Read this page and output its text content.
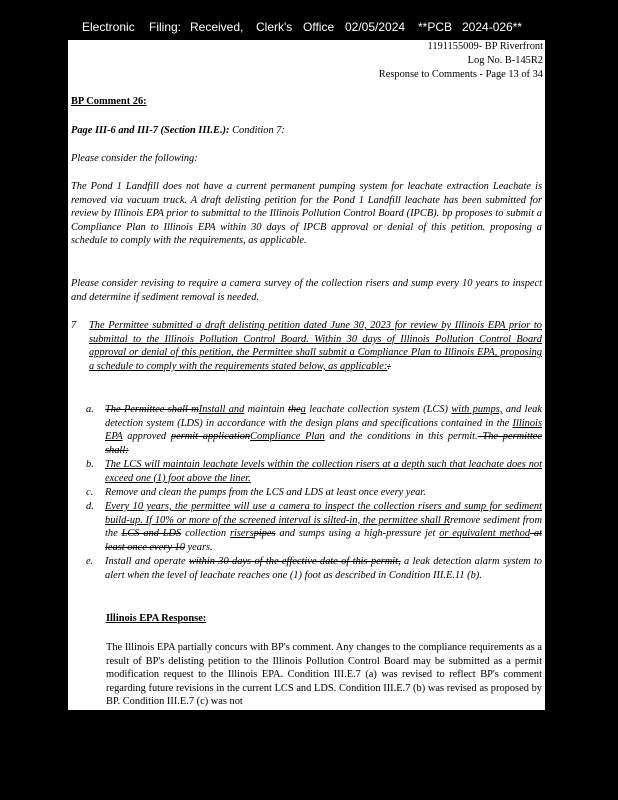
Electronic Filing: Received, Clerk's Office 02/05/2024 **PCB 2024-026**
1191155009- BP Riverfront
Log No. B-145R2
Response to Comments - Page 13 of 34
BP Comment 26:
Page III-6 and III-7 (Section III.E.): Condition 7:
Please consider the following:
The Pond 1 Landfill does not have a current permanent pumping system for leachate extraction Leachate is removed via vacuum truck. A draft delisting petition for the Pond 1 Landfill leachate has been submitted for review by Illinois EPA prior to submittal to the Illinois Pollution Control Board (IPCB). bp proposes to submit a Compliance Plan to Illinois EPA within 30 days of IPCB approval or denial of this petition. proposing a schedule to comply with the requirements, as applicable.
Please consider revising to require a camera survey of the collection risers and sump every 10 years to inspect and determine if sediment removal is needed.
7 The Permittee submitted a draft delisting petition dated June 30, 2023 for review by Illinois EPA prior to submittal to the Illinois Pollution Control Board. Within 30 days of Illinois Pollution Control Board approval or denial of this petition, the Permittee shall submit a Compliance Plan to Illinois EPA, proposing a schedule to comply with the requirements stated below, as applicable::
a. The Permittee shall mInstall and maintain thea leachate collection system (LCS) with pumps, and leak detection system (LDS) in accordance with the design plans and specifications contained in the Illinois EPA approved permit applicationCompliance Plan and the conditions in this permit. The permittee shall:
b. The LCS will maintain leachate levels within the collection risers at a depth such that leachate does not exceed one (1) foot above the liner.
c. Remove and clean the pumps from the LCS and LDS at least once every year.
d. Every 10 years, the permittee will use a camera to inspect the collection risers and sump for sediment build-up. If 10% or more of the screened interval is silted-in, the permittee shall Rremove sediment from the LCS and LDS collection riserspipes and sumps using a high-pressure jet or equivalent method at least once every 10 years.
e. Install and operate within 30 days of the effective date of this permit, a leak detection alarm system to alert when the level of leachate reaches one (1) foot as described in Condition III.E.11 (b).
Illinois EPA Response:
The Illinois EPA partially concurs with BP's comment. Any changes to the compliance requirements as a result of BP's delisting petition to the Illinois Pollution Control Board may be submitted as a permit modification request to the Illinois EPA. Condition III.E.7 (a) was revised to reflect BP's comment regarding future revisions in the current LCS and LDS. Condition III.E.7 (b) was revised as proposed by BP. Condition III.E.7 (c) was not
